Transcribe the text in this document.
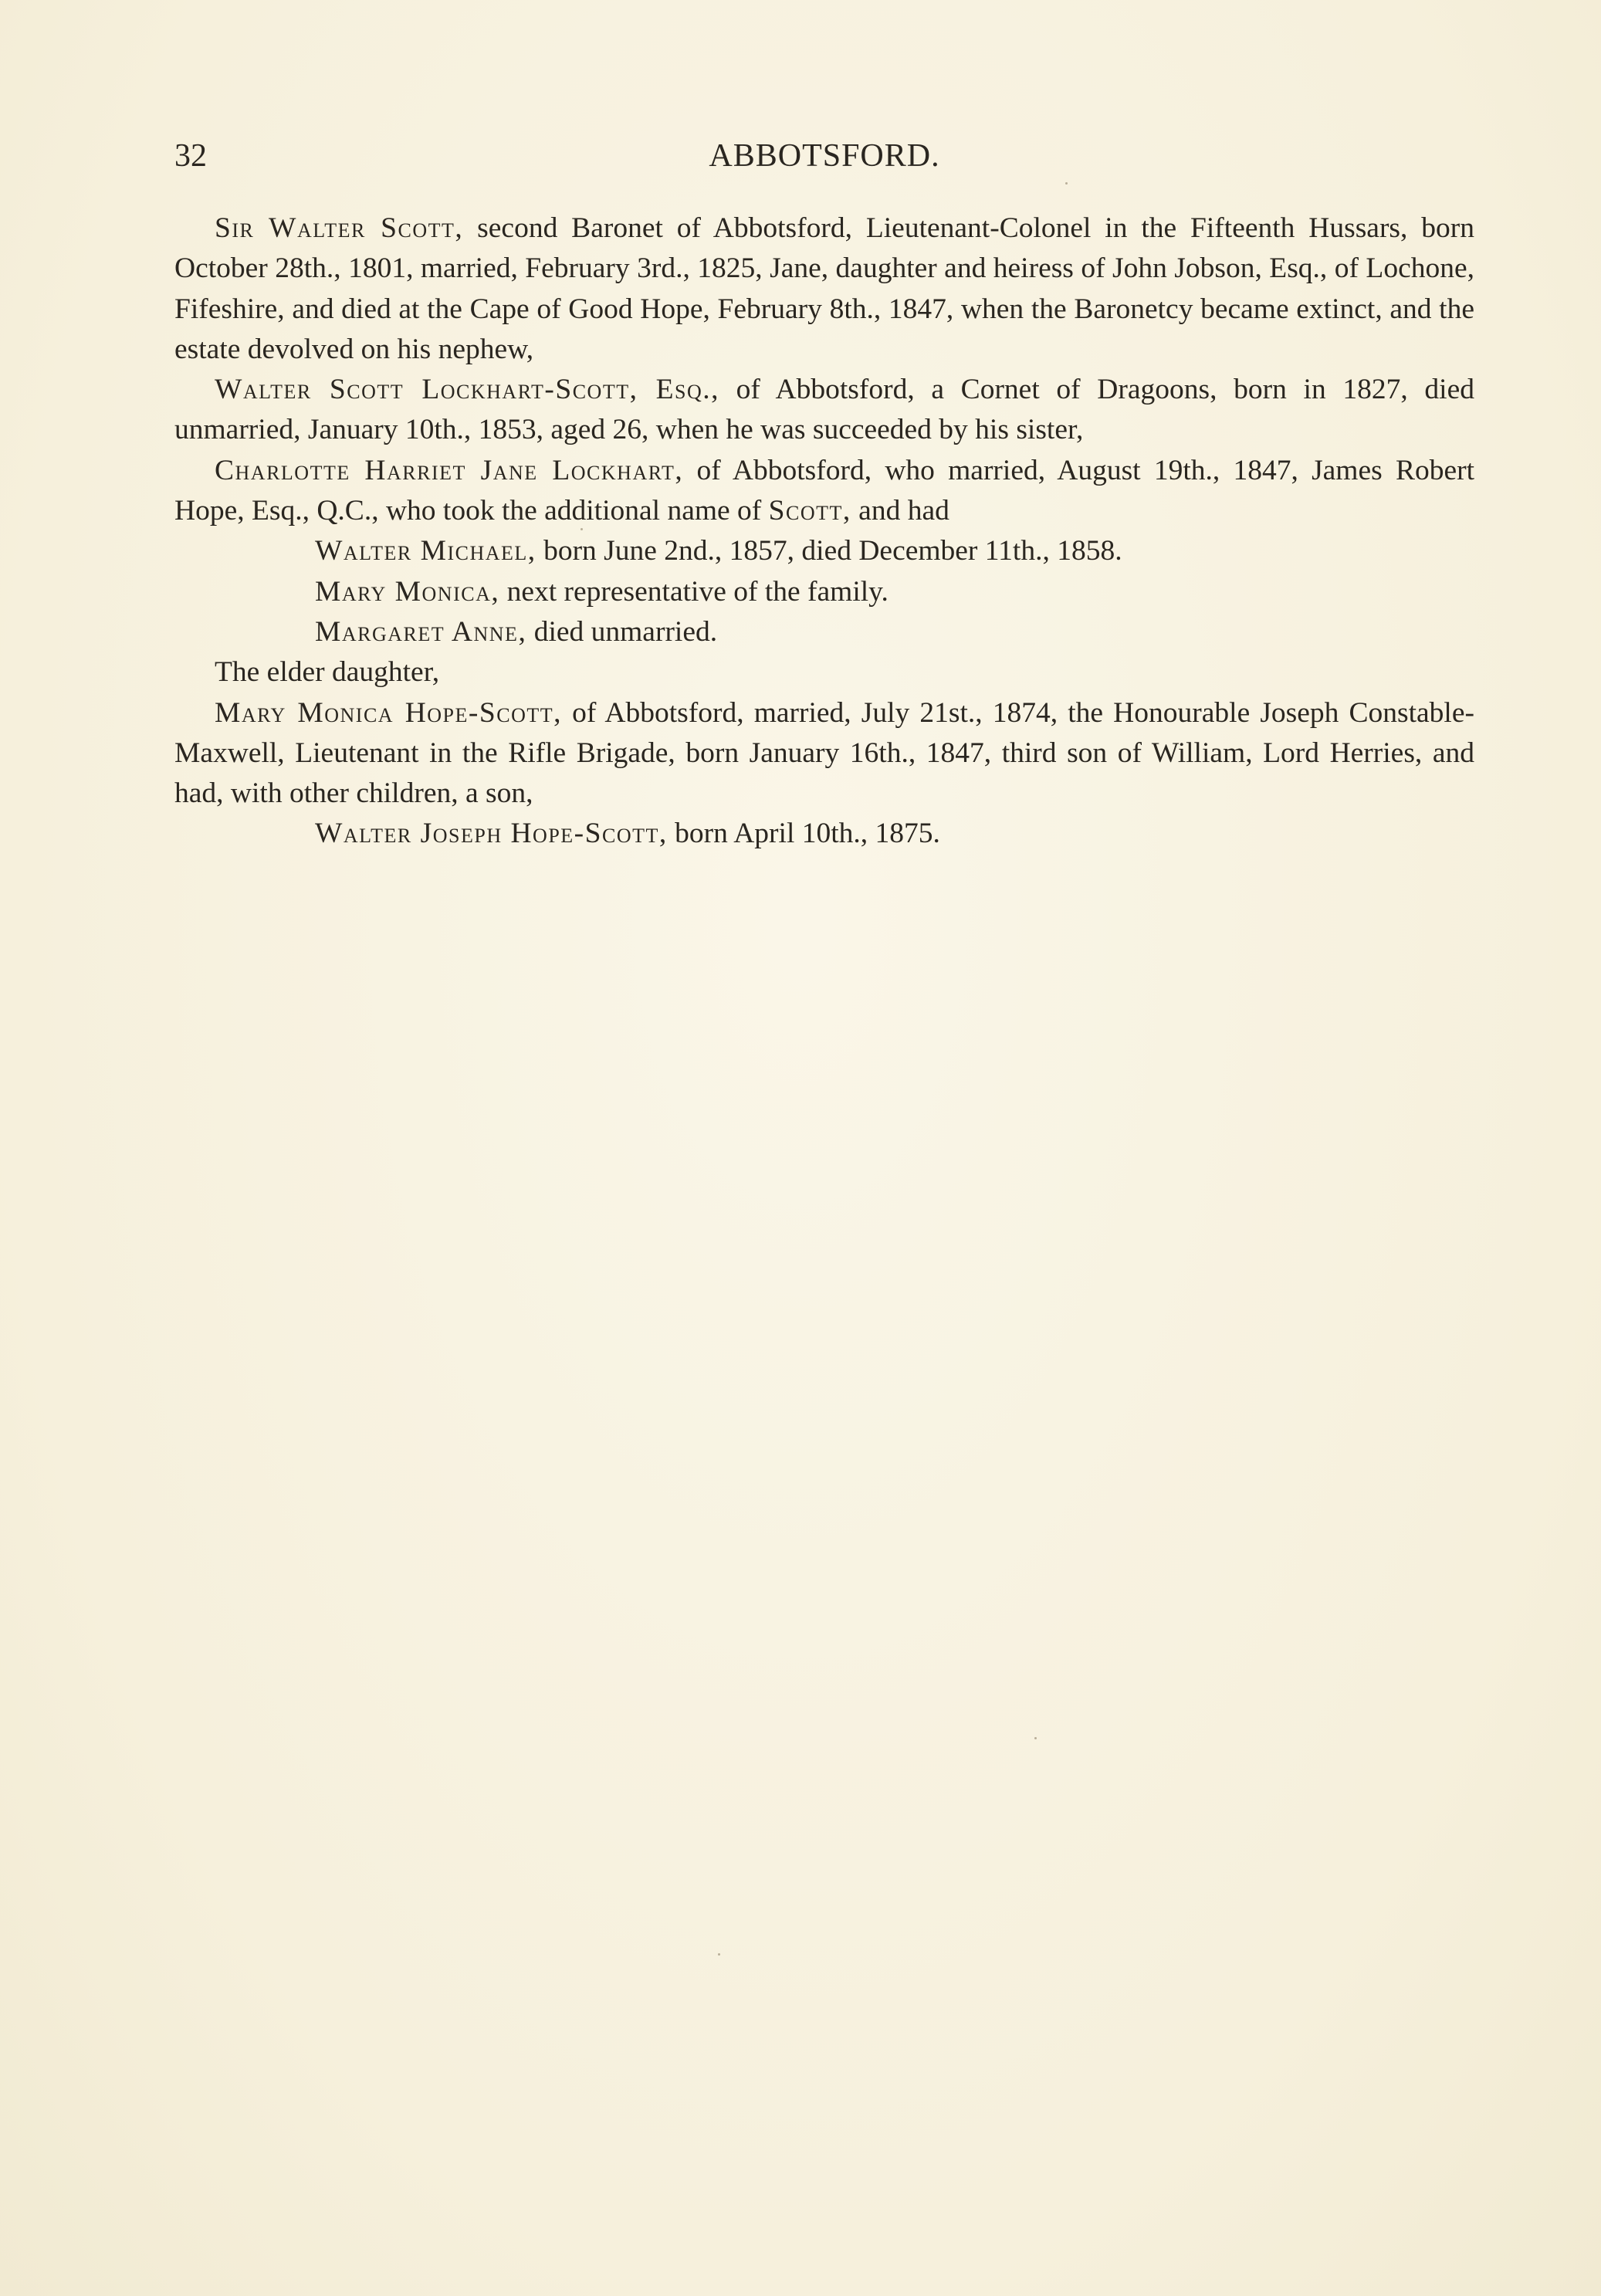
32	ABBOTSFORD.

Sir Walter Scott, second Baronet of Abbotsford, Lieutenant-Colonel in the Fifteenth Hussars, born October 28th., 1801, married, February 3rd., 1825, Jane, daughter and heiress of John Jobson, Esq., of Lochone, Fifeshire, and died at the Cape of Good Hope, February 8th., 1847, when the Baronetcy became extinct, and the estate devolved on his nephew,

Walter Scott Lockhart-Scott, Esq., of Abbotsford, a Cornet of Dragoons, born in 1827, died unmarried, January 10th., 1853, aged 26, when he was succeeded by his sister,

Charlotte Harriet Jane Lockhart, of Abbotsford, who married, August 19th., 1847, James Robert Hope, Esq., Q.C., who took the additional name of Scott, and had

Walter Michael, born June 2nd., 1857, died December 11th., 1858.

Mary Monica, next representative of the family.

Margaret Anne, died unmarried.

The elder daughter,

Mary Monica Hope-Scott, of Abbotsford, married, July 21st., 1874, the Honourable Joseph Constable-Maxwell, Lieutenant in the Rifle Brigade, born January 16th., 1847, third son of William, Lord Herries, and had, with other children, a son,

Walter Joseph Hope-Scott, born April 10th., 1875.
